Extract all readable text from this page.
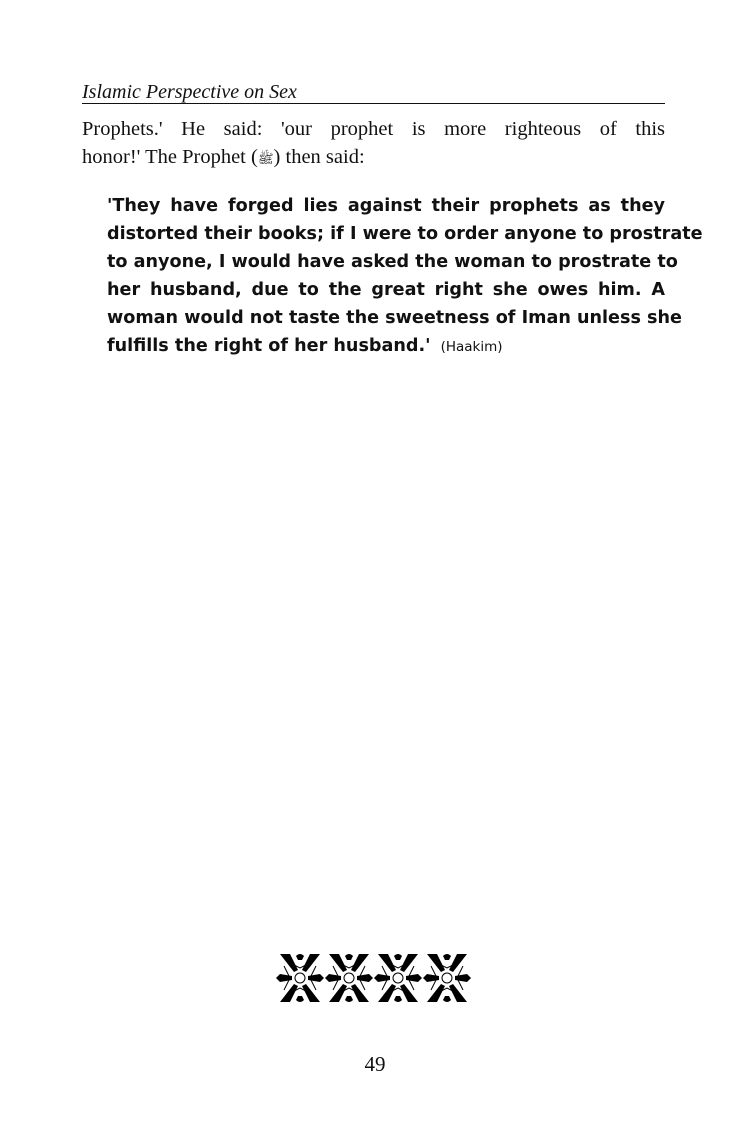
Islamic Perspective on Sex
Prophets.' He said: 'our prophet is more righteous of this
honor!' The Prophet (ﷺ) then said:
'They have forged lies against their prophets as they
distorted their books; if I were to order anyone to prostrate
to anyone, I would have asked the woman to prostrate to
her husband, due to the great right she owes him. A
woman would not taste the sweetness of Iman unless she
fulfills the right of her husband.' (Haakim)
49
